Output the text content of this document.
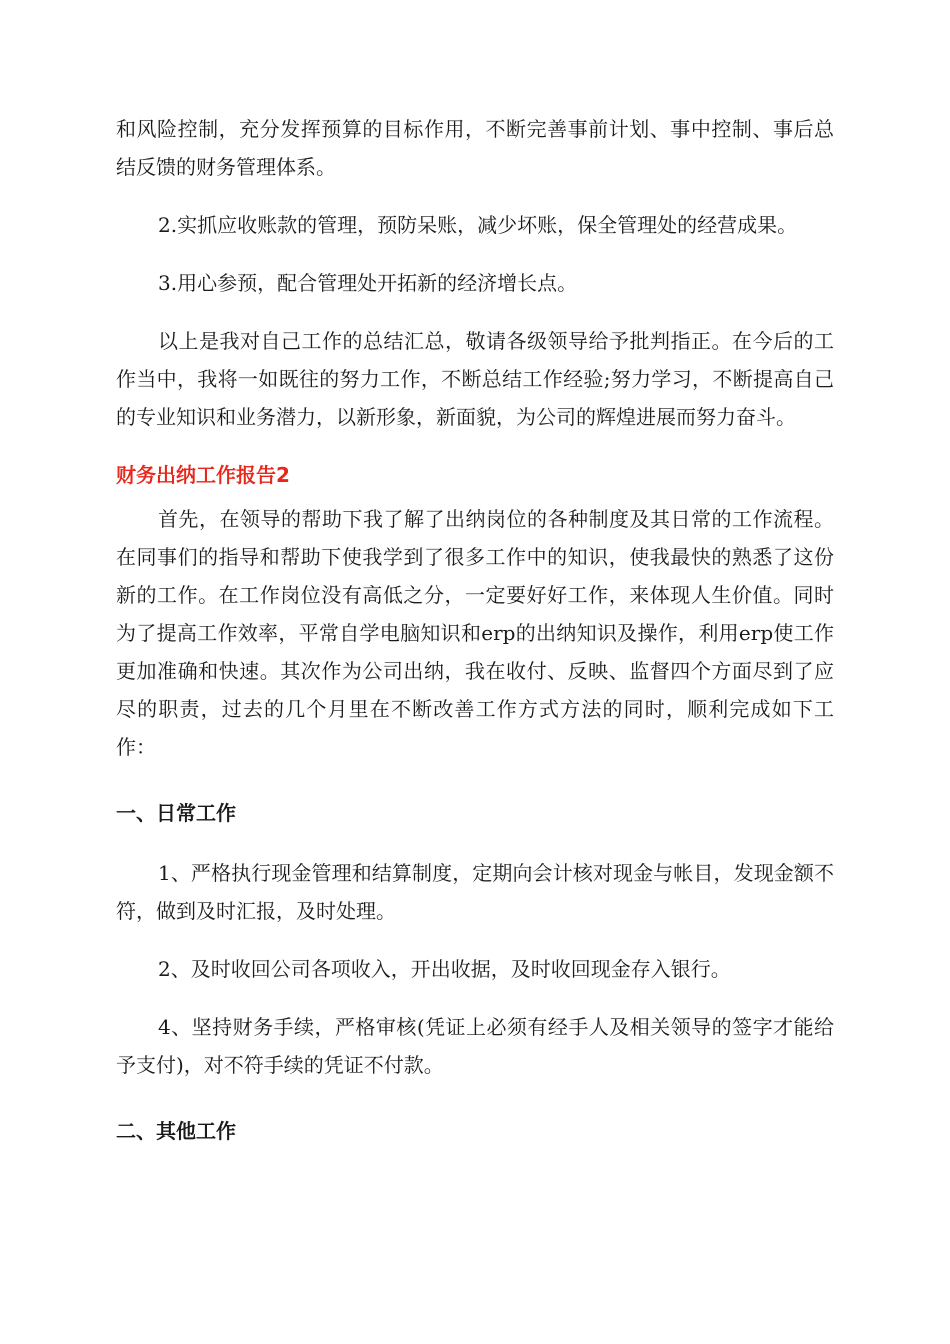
和风险控制，充分发挥预算的目标作用，不断完善事前计划、事中控制、事后总结反馈的财务管理体系。

2.实抓应收账款的管理，预防呆账，减少坏账，保全管理处的经营成果。

3.用心参预，配合管理处开拓新的经济增长点。

以上是我对自己工作的总结汇总，敬请各级领导给予批判指正。在今后的工作当中，我将一如既往的努力工作，不断总结工作经验;努力学习，不断提高自己的专业知识和业务潜力，以新形象，新面貌，为公司的辉煌进展而努力奋斗。

财务出纳工作报告2

首先，在领导的帮助下我了解了出纳岗位的各种制度及其日常的工作流程。在同事们的指导和帮助下使我学到了很多工作中的知识，使我最快的熟悉了这份新的工作。在工作岗位没有高低之分，一定要好好工作，来体现人生价值。同时为了提高工作效率，平常自学电脑知识和erp的出纳知识及操作，利用erp使工作更加准确和快速。其次作为公司出纳，我在收付、反映、监督四个方面尽到了应尽的职责，过去的几个月里在不断改善工作方式方法的同时，顺利完成如下工作：

一、日常工作

1、严格执行现金管理和结算制度，定期向会计核对现金与帐目，发现金额不符，做到及时汇报，及时处理。

2、及时收回公司各项收入，开出收据，及时收回现金存入银行。

4、坚持财务手续，严格审核(凭证上必须有经手人及相关领导的签字才能给予支付)，对不符手续的凭证不付款。

二、其他工作
